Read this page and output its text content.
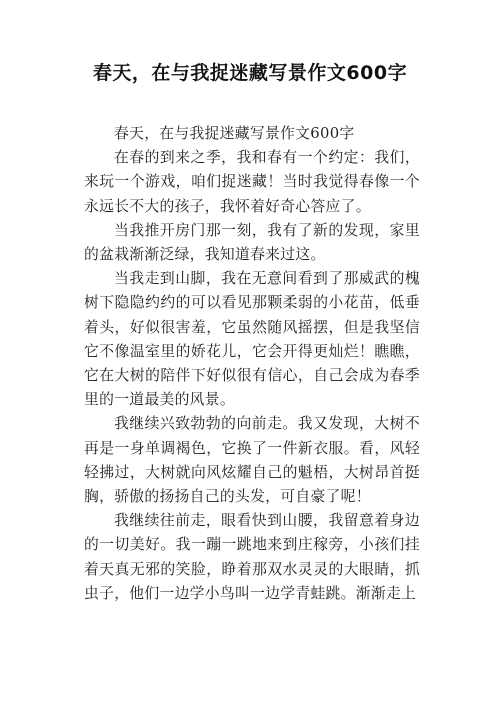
春天，在与我捉迷藏写景作文600字

春天，在与我捉迷藏写景作文600字

在春的到来之季，我和春有一个约定：我们，来玩一个游戏，咱们捉迷藏！当时我觉得春像一个永远长不大的孩子，我怀着好奇心答应了。

当我推开房门那一刻，我有了新的发现，家里的盆栽渐渐泛绿，我知道春来过这。

当我走到山脚，我在无意间看到了那威武的槐树下隐隐约约的可以看见那颗柔弱的小花苗，低垂着头，好似很害羞，它虽然随风摇摆，但是我坚信它不像温室里的娇花儿，它会开得更灿烂！瞧瞧，它在大树的陪伴下好似很有信心，自己会成为春季里的一道最美的风景。

我继续兴致勃勃的向前走。我又发现，大树不再是一身单调褐色，它换了一件新衣服。看，风轻轻拂过，大树就向风炫耀自己的魁梧，大树昂首挺胸，骄傲的扬扬自己的头发，可自豪了呢！

我继续往前走，眼看快到山腰，我留意着身边的一切美好。我一蹦一跳地来到庄稼旁，小孩们挂着天真无邪的笑脸，睁着那双水灵灵的大眼睛，抓虫子，他们一边学小鸟叫一边学青蛙跳。渐渐走上
